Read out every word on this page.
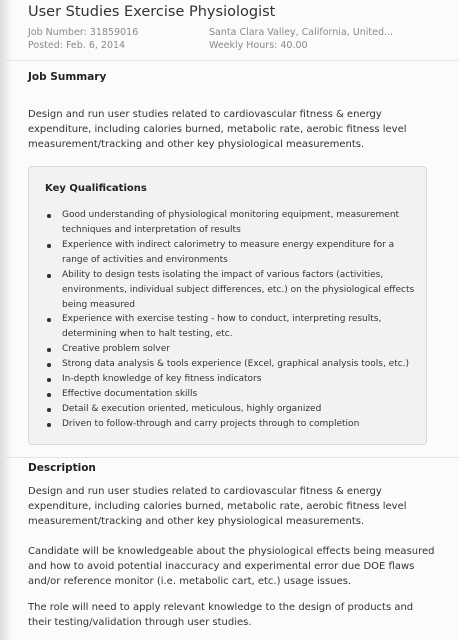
User Studies Exercise Physiologist
Job Number: 31859016	Santa Clara Valley, California, United...
Posted: Feb. 6, 2014	Weekly Hours: 40.00
Job Summary
Design and run user studies related to cardiovascular fitness & energy expenditure, including calories burned, metabolic rate, aerobic fitness level measurement/tracking and other key physiological measurements.
Key Qualifications
Good understanding of physiological monitoring equipment, measurement techniques and interpretation of results
Experience with indirect calorimetry to measure energy expenditure for a range of activities and environments
Ability to design tests isolating the impact of various factors (activities, environments, individual subject differences, etc.) on the physiological effects being measured
Experience with exercise testing - how to conduct, interpreting results, determining when to halt testing, etc.
Creative problem solver
Strong data analysis & tools experience (Excel, graphical analysis tools, etc.)
In-depth knowledge of key fitness indicators
Effective documentation skills
Detail & execution oriented, meticulous, highly organized
Driven to follow-through and carry projects through to completion
Description
Design and run user studies related to cardiovascular fitness & energy expenditure, including calories burned, metabolic rate, aerobic fitness level measurement/tracking and other key physiological measurements.
Candidate will be knowledgeable about the physiological effects being measured and how to avoid potential inaccuracy and experimental error due DOE flaws and/or reference monitor (i.e. metabolic cart, etc.) usage issues.
The role will need to apply relevant knowledge to the design of products and their testing/validation through user studies.
